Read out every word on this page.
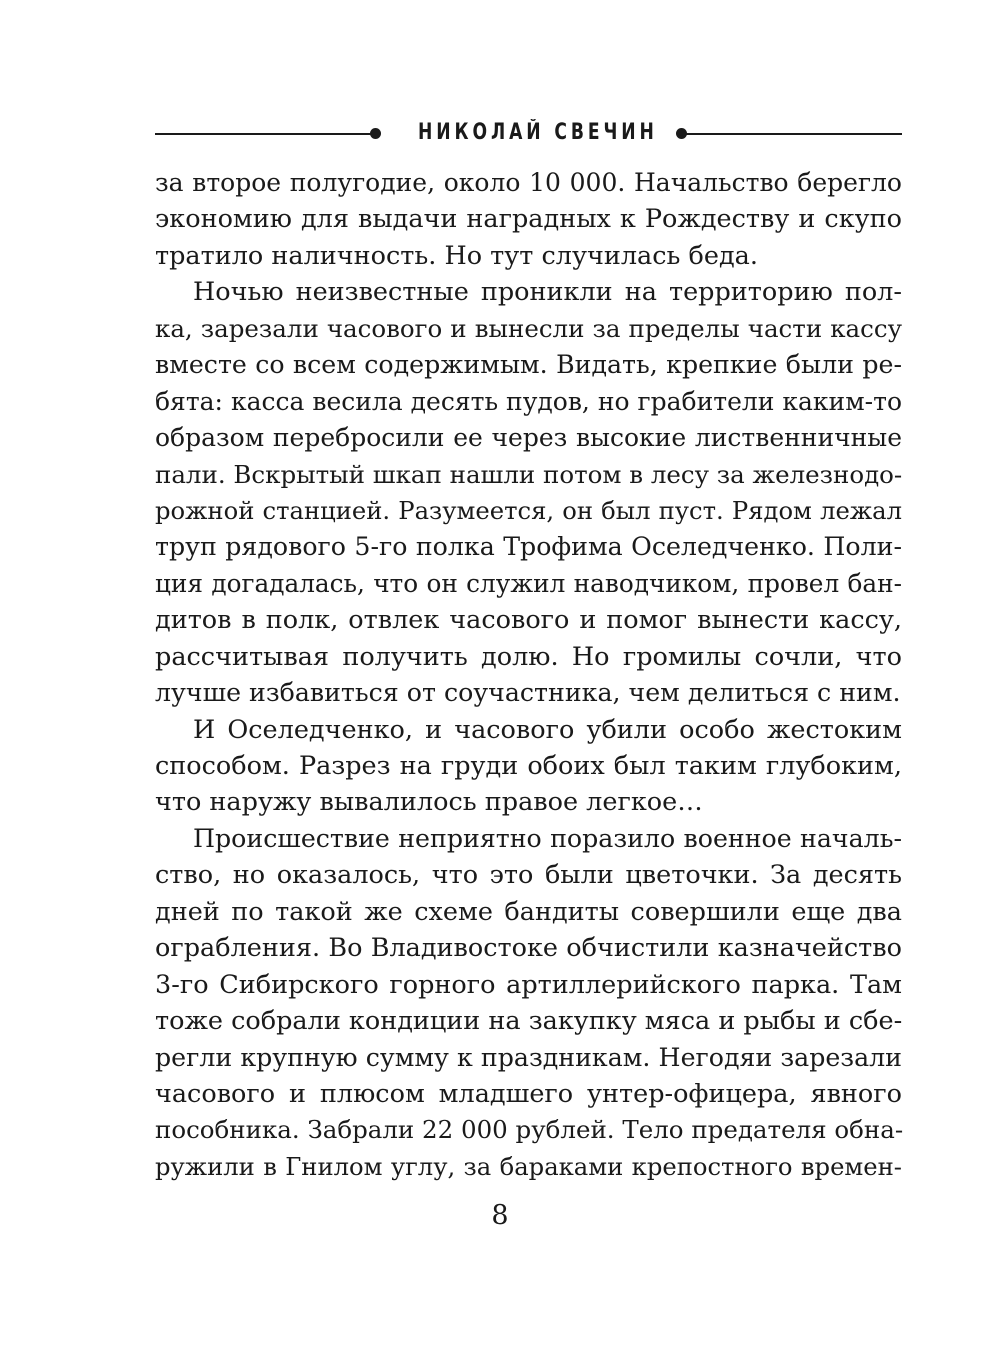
НИКОЛАЙ СВЕЧИН
за второе полугодие, около 10 000. Начальство берегло
экономию для выдачи наградных к Рождеству и скупо
тратило наличность. Но тут случилась беда.
Ночью неизвестные проникли на территорию пол-
ка, зарезали часового и вынесли за пределы части кассу
вместе со всем содержимым. Видать, крепкие были ре-
бята: касса весила десять пудов, но грабители каким-то
образом перебросили ее через высокие лиственничные
пали. Вскрытый шкап нашли потом в лесу за железнодо-
рожной станцией. Разумеется, он был пуст. Рядом лежал
труп рядового 5-го полка Трофима Оселедченко. Поли-
ция догадалась, что он служил наводчиком, провел бан-
дитов в полк, отвлек часового и помог вынести кассу,
рассчитывая получить долю. Но громилы сочли, что
лучше избавиться от соучастника, чем делиться с ним.
И Оселедченко, и часового убили особо жестоким
способом. Разрез на груди обоих был таким глубоким,
что наружу вывалилось правое легкое…
Происшествие неприятно поразило военное началь-
ство, но оказалось, что это были цветочки. За десять
дней по такой же схеме бандиты совершили еще два
ограбления. Во Владивостоке обчистили казначейство
3-го Сибирского горного артиллерийского парка. Там
тоже собрали кондиции на закупку мяса и рыбы и сбе-
регли крупную сумму к праздникам. Негодяи зарезали
часового и плюсом младшего унтер-офицера, явного
пособника. Забрали 22 000 рублей. Тело предателя обна-
ружили в Гнилом углу, за бараками крепостного времен-
8
